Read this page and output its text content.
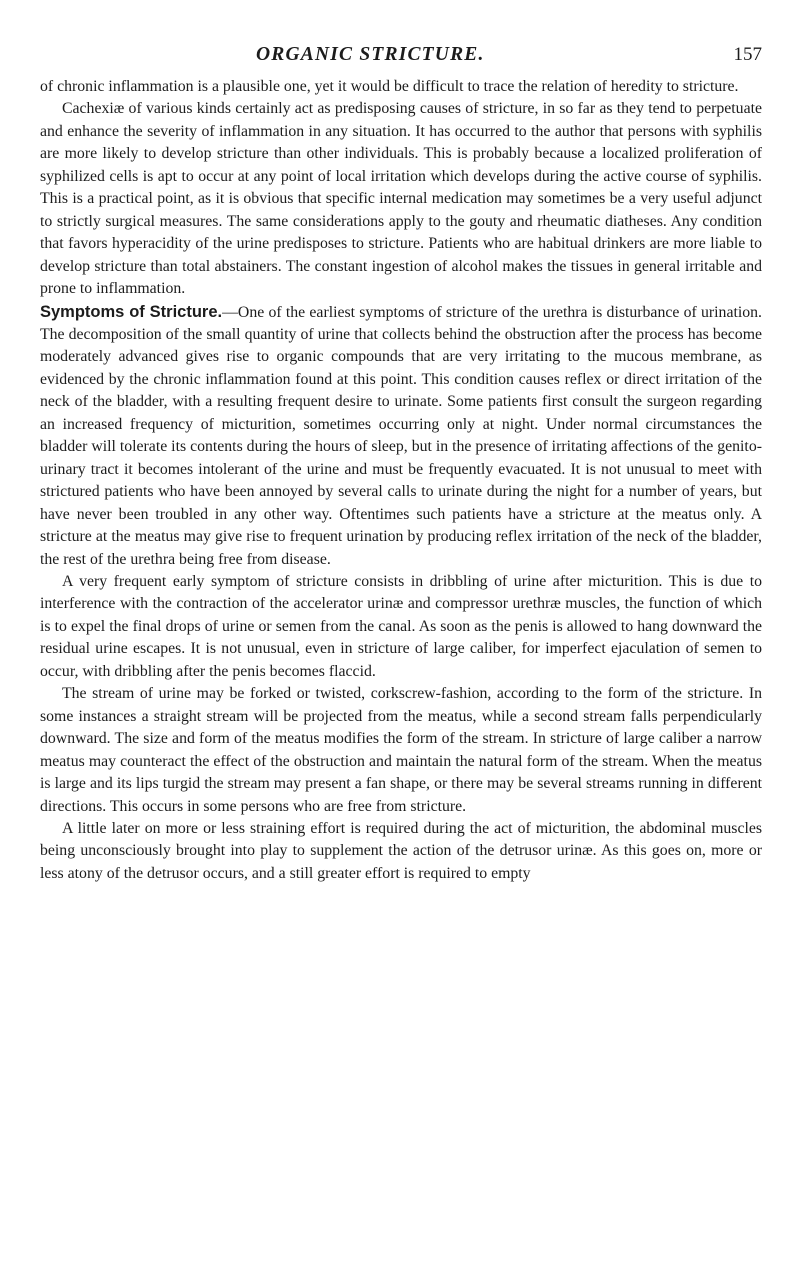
ORGANIC STRICTURE.	157

of chronic inflammation is a plausible one, yet it would be difficult to trace the relation of heredity to stricture.

Cachexiæ of various kinds certainly act as predisposing causes of stricture, in so far as they tend to perpetuate and enhance the severity of inflammation in any situation. It has occurred to the author that persons with syphilis are more likely to develop stricture than other individuals. This is probably because a localized proliferation of syphilized cells is apt to occur at any point of local irritation which develops during the active course of syphilis. This is a practical point, as it is obvious that specific internal medication may sometimes be a very useful adjunct to strictly surgical measures. The same considerations apply to the gouty and rheumatic diatheses. Any condition that favors hyperacidity of the urine predisposes to stricture. Patients who are habitual drinkers are more liable to develop stricture than total abstainers. The constant ingestion of alcohol makes the tissues in general irritable and prone to inflammation.

Symptoms of Stricture.—One of the earliest symptoms of stricture of the urethra is disturbance of urination. The decomposition of the small quantity of urine that collects behind the obstruction after the process has become moderately advanced gives rise to organic compounds that are very irritating to the mucous membrane, as evidenced by the chronic inflammation found at this point. This condition causes reflex or direct irritation of the neck of the bladder, with a resulting frequent desire to urinate. Some patients first consult the surgeon regarding an increased frequency of micturition, sometimes occurring only at night. Under normal circumstances the bladder will tolerate its contents during the hours of sleep, but in the presence of irritating affections of the genito-urinary tract it becomes intolerant of the urine and must be frequently evacuated. It is not unusual to meet with strictured patients who have been annoyed by several calls to urinate during the night for a number of years, but have never been troubled in any other way. Oftentimes such patients have a stricture at the meatus only. A stricture at the meatus may give rise to frequent urination by producing reflex irritation of the neck of the bladder, the rest of the urethra being free from disease.

A very frequent early symptom of stricture consists in dribbling of urine after micturition. This is due to interference with the contraction of the accelerator urinæ and compressor urethræ muscles, the function of which is to expel the final drops of urine or semen from the canal. As soon as the penis is allowed to hang downward the residual urine escapes. It is not unusual, even in stricture of large caliber, for imperfect ejaculation of semen to occur, with dribbling after the penis becomes flaccid.

The stream of urine may be forked or twisted, corkscrew-fashion, according to the form of the stricture. In some instances a straight stream will be projected from the meatus, while a second stream falls perpendicularly downward. The size and form of the meatus modifies the form of the stream. In stricture of large caliber a narrow meatus may counteract the effect of the obstruction and maintain the natural form of the stream. When the meatus is large and its lips turgid the stream may present a fan shape, or there may be several streams running in different directions. This occurs in some persons who are free from stricture.

A little later on more or less straining effort is required during the act of micturition, the abdominal muscles being unconsciously brought into play to supplement the action of the detrusor urinæ. As this goes on, more or less atony of the detrusor occurs, and a still greater effort is required to empty
